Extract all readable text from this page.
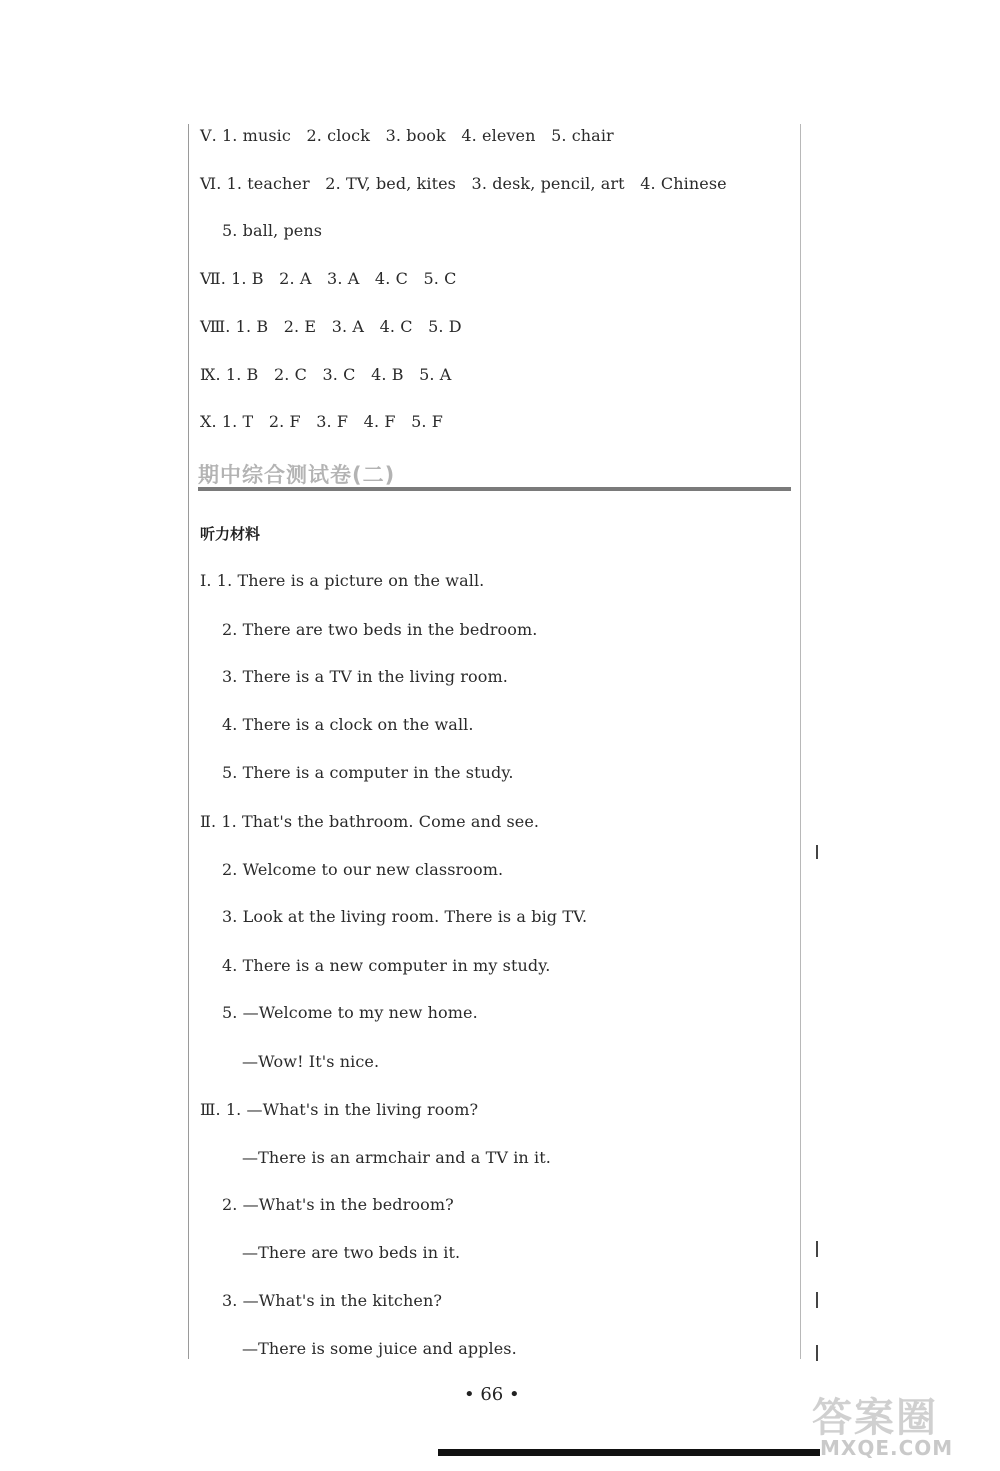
Ⅴ. 1. music   2. clock   3. book   4. eleven   5. chair
Ⅵ. 1. teacher   2. TV, bed, kites   3. desk, pencil, art   4. Chinese
5. ball, pens
Ⅶ. 1. B   2. A   3. A   4. C   5. C
Ⅷ. 1. B   2. E   3. A   4. C   5. D
Ⅸ. 1. B   2. C   3. C   4. B   5. A
Ⅹ. 1. T   2. F   3. F   4. F   5. F
期中综合测试卷(二)
听力材料
Ⅰ. 1. There is a picture on the wall.
2. There are two beds in the bedroom.
3. There is a TV in the living room.
4. There is a clock on the wall.
5. There is a computer in the study.
Ⅱ. 1. That's the bathroom. Come and see.
2. Welcome to our new classroom.
3. Look at the living room. There is a big TV.
4. There is a new computer in my study.
5. —Welcome to my new home.
—Wow! It's nice.
Ⅲ. 1. —What's in the living room?
—There is an armchair and a TV in it.
2. —What's in the bedroom?
—There are two beds in it.
3. —What's in the kitchen?
—There is some juice and apples.
• 66 •
答案圈
MXQE.COM
